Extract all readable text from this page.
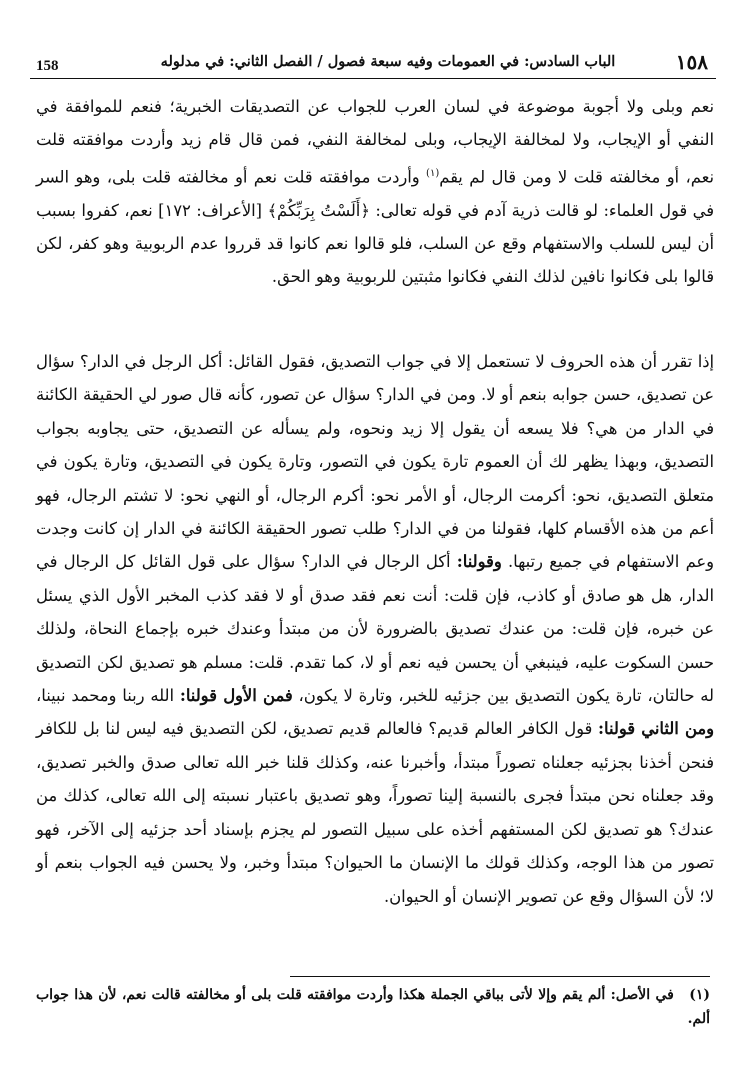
158	الباب السادس: في العمومات وفيه سبعة فصول / الفصل الثاني: في مدلوله	١٥٨

نعم وبلى ولا أجوبة موضوعة في لسان العرب للجواب عن التصديقات الخبرية؛ فنعم للموافقة في النفي أو الإيجاب، ولا لمخالفة الإيجاب، وبلى لمخالفة النفي، فمن قال قام زيد وأردت موافقته قلت نعم، أو مخالفته قلت لا ومن قال لم يقم$^{(١)}$ وأردت موافقته قلت نعم أو مخالفته قلت بلى، وهو السر في قول العلماء: لو قالت ذرية آدم في قوله تعالى: ﴿أَلَسْتُ بِرَبِّكُمْ﴾ [الأعراف: ١٧٢] نعم، كفروا بسبب أن ليس للسلب والاستفهام وقع عن السلب، فلو قالوا نعم كانوا قد قرروا عدم الربوبية وهو كفر، لكن قالوا بلى فكانوا نافين لذلك النفي فكانوا مثبتين للربوبية وهو الحق.

إذا تقرر أن هذه الحروف لا تستعمل إلا في جواب التصديق، فقول القائل: أكل الرجل في الدار؟ سؤال عن تصديق، حسن جوابه بنعم أو لا. ومن في الدار؟ سؤال عن تصور، كأنه قال صور لي الحقيقة الكائنة في الدار من هي؟ فلا يسعه أن يقول إلا زيد ونحوه، ولم يسأله عن التصديق، حتى يجاوبه بجواب التصديق، وبهذا يظهر لك أن العموم تارة يكون في التصور، وتارة يكون في التصديق، وتارة يكون في متعلق التصديق، نحو: أكرمت الرجال، أو الأمر نحو: أكرم الرجال، أو النهي نحو: لا تشتم الرجال، فهو أعم من هذه الأقسام كلها، فقولنا من في الدار؟ طلب تصور الحقيقة الكائنة في الدار إن كانت وجدت وعم الاستفهام في جميع رتبها. وقولنا: أكل الرجال في الدار؟ سؤال على قول القائل كل الرجال في الدار، هل هو صادق أو كاذب، فإن قلت: أنت نعم فقد صدق أو لا فقد كذب المخبر الأول الذي يسئل عن خبره، فإن قلت: من عندك تصديق بالضرورة لأن من مبتدأ وعندك خبره بإجماع النحاة، ولذلك حسن السكوت عليه، فينبغي أن يحسن فيه نعم أو لا، كما تقدم. قلت: مسلم هو تصديق لكن التصديق له حالتان، تارة يكون التصديق بين جزئيه للخبر، وتارة لا يكون، فمن الأول قولنا: الله ربنا ومحمد نبينا، ومن الثاني قولنا: قول الكافر العالم قديم؟ فالعالم قديم تصديق، لكن التصديق فيه ليس لنا بل للكافر فنحن أخذنا بجزئيه جعلناه تصوراً مبتدأ، وأخبرنا عنه، وكذلك قلنا خبر الله تعالى صدق والخبر تصديق، وقد جعلناه نحن مبتدأ فجرى بالنسبة إلينا تصوراً، وهو تصديق باعتبار نسبته إلى الله تعالى، كذلك من عندك؟ هو تصديق لكن المستفهم أخذه على سبيل التصور لم يجزم بإسناد أحد جزئيه إلى الآخر، فهو تصور من هذا الوجه، وكذلك قولك ما الإنسان ما الحيوان؟ مبتدأ وخبر، ولا يحسن فيه الجواب بنعم أو لا؛ لأن السؤال وقع عن تصوير الإنسان أو الحيوان.

(١) في الأصل: ألم يقم وإلا لأتى بباقي الجملة هكذا وأردت موافقته قلت بلى أو مخالفته قالت نعم، لأن هذا جواب ألم.
